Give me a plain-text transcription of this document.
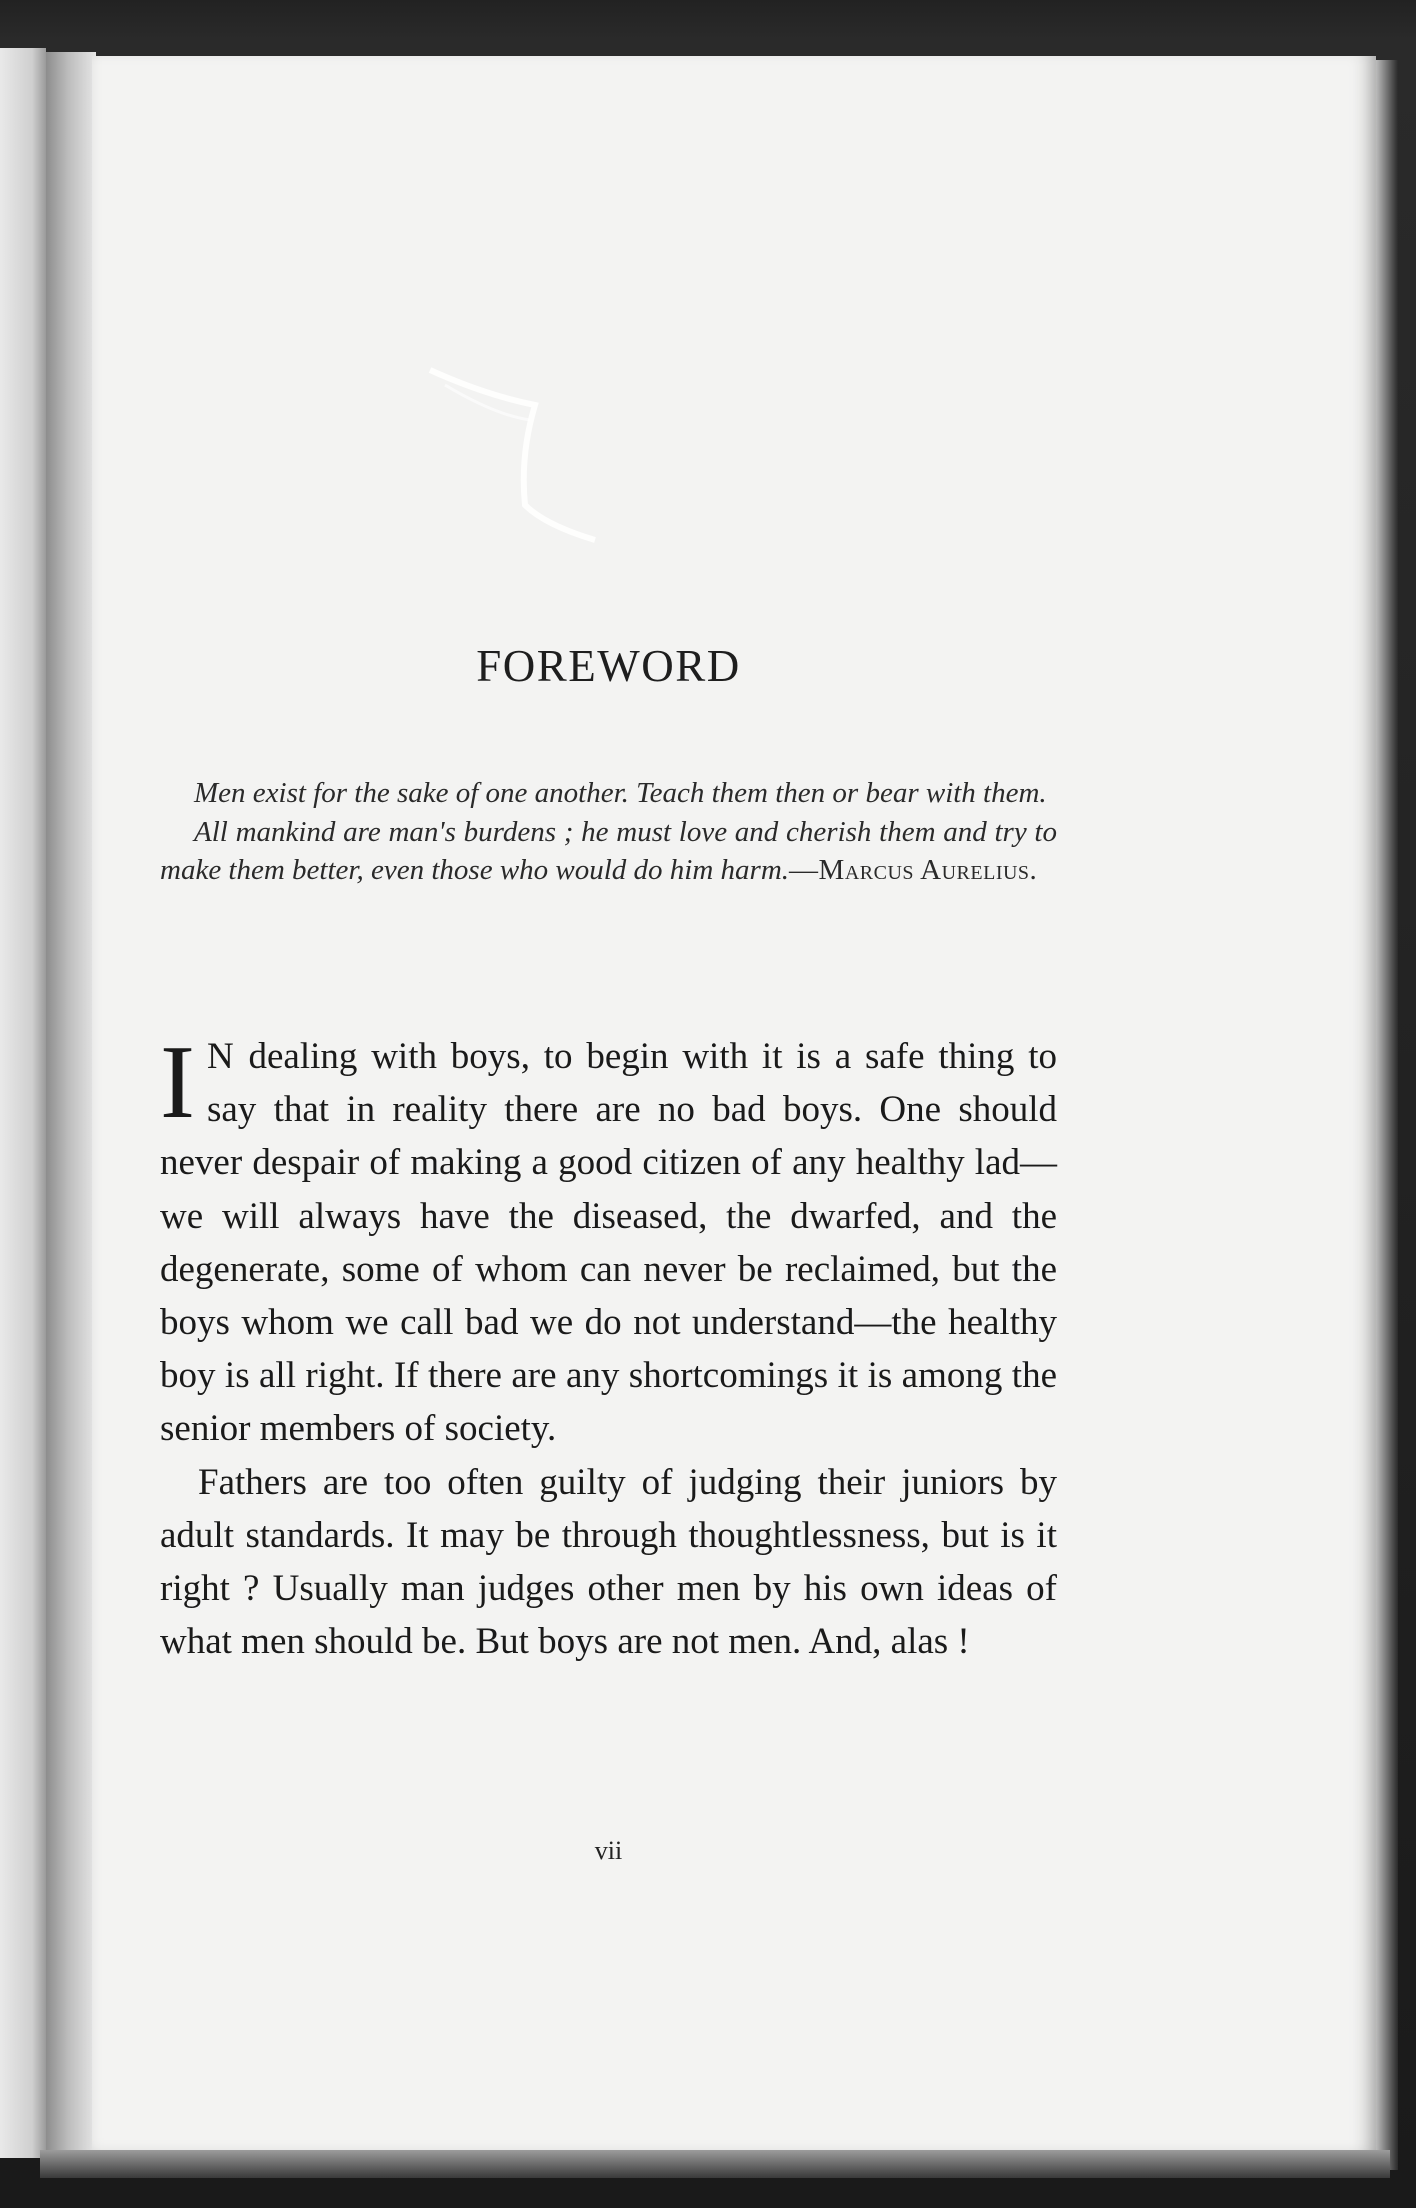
FOREWORD

Men exist for the sake of one another. Teach them then or bear with them.

All mankind are man's burdens ; he must love and cherish them and try to make them better, even those who would do him harm.—Marcus Aurelius.

I N dealing with boys, to begin with it is a safe thing to say that in reality there are no bad boys. One should never despair of making a good citizen of any healthy lad—we will always have the diseased, the dwarfed, and the degenerate, some of whom can never be reclaimed, but the boys whom we call bad we do not understand—the healthy boy is all right. If there are any shortcomings it is among the senior members of society.

Fathers are too often guilty of judging their juniors by adult standards. It may be through thoughtlessness, but is it right ? Usually man judges other men by his own ideas of what men should be. But boys are not men. And, alas !

vii
